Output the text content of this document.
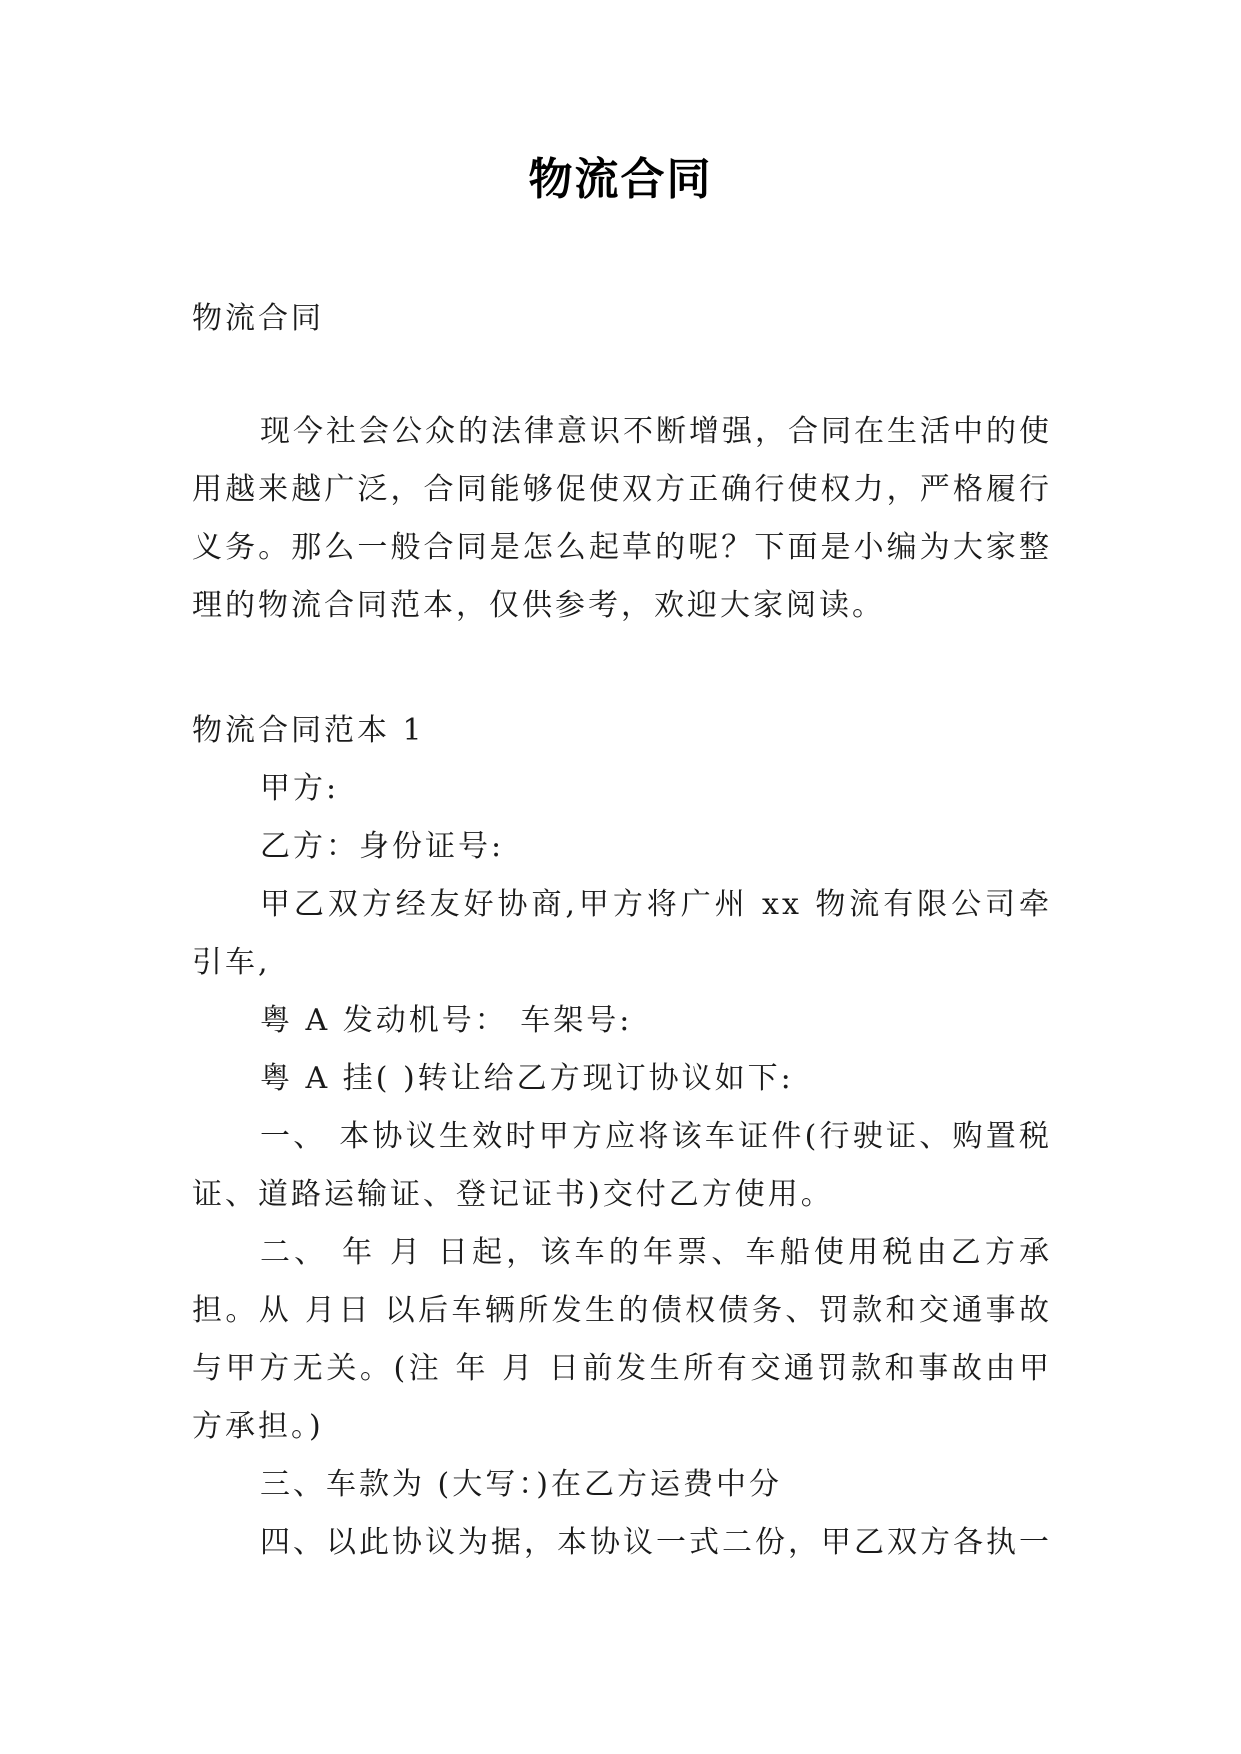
物流合同
物流合同
现今社会公众的法律意识不断增强，合同在生活中的使用越来越广泛，合同能够促使双方正确行使权力，严格履行义务。那么一般合同是怎么起草的呢？下面是小编为大家整理的物流合同范本，仅供参考，欢迎大家阅读。
物流合同范本 1

甲方:

乙方：身份证号:

甲乙双方经友好协商,甲方将广州 xx 物流有限公司牵引车,

粤 A 发动机号： 车架号:

粤 A 挂( )转让给乙方现订协议如下:

一、 本协议生效时甲方应将该车证件(行驶证、购置税证、道路运输证、登记证书)交付乙方使用。

二、 年 月 日起，该车的年票、车船使用税由乙方承担。从 月日 以后车辆所发生的债权债务、罚款和交通事故与甲方无关。(注 年 月 日前发生所有交通罚款和事故由甲方承担。)

三、车款为 (大写：)在乙方运费中分

四、以此协议为据，本协议一式二份，甲乙双方各执一
